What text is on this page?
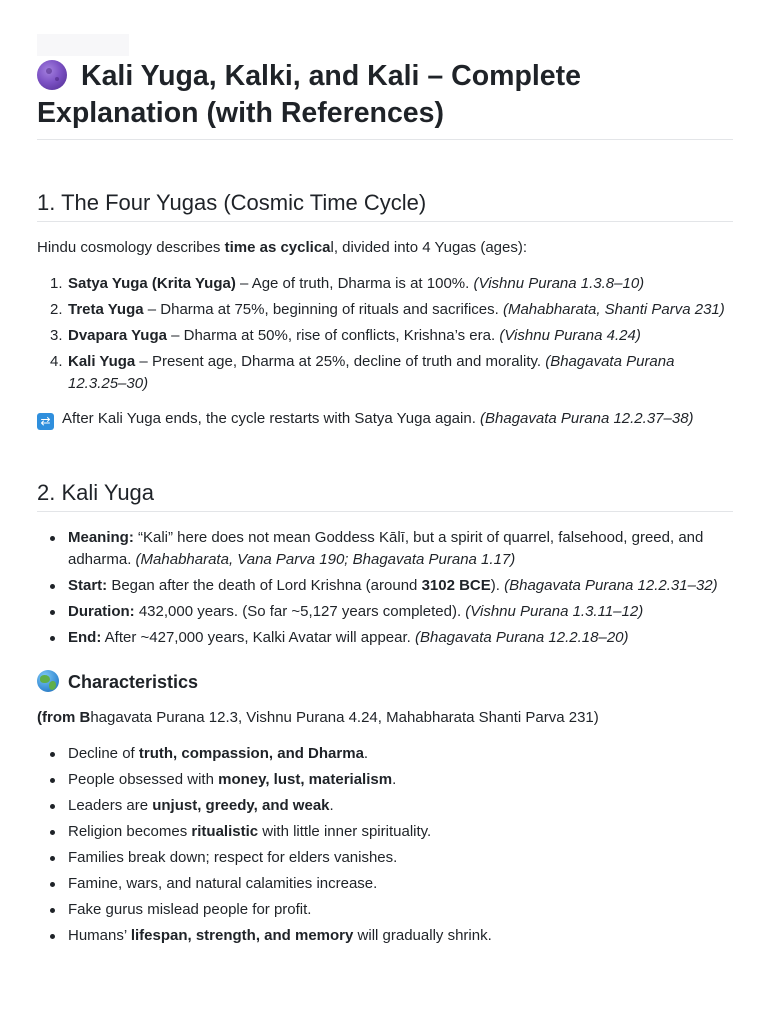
Kali Yuga, Kalki, and Kali – Complete Explanation (with References)
1. The Four Yugas (Cosmic Time Cycle)

Hindu cosmology describes time as cyclical, divided into 4 Yugas (ages):

1. Satya Yuga (Krita Yuga) – Age of truth, Dharma is at 100%. (Vishnu Purana 1.3.8–10)
2. Treta Yuga – Dharma at 75%, beginning of rituals and sacrifices. (Mahabharata, Shanti Parva 231)
3. Dvapara Yuga – Dharma at 50%, rise of conflicts, Krishna’s era. (Vishnu Purana 4.24)
4. Kali Yuga – Present age, Dharma at 25%, decline of truth and morality. (Bhagavata Purana 12.3.25–30)

⇄ After Kali Yuga ends, the cycle restarts with Satya Yuga again. (Bhagavata Purana 12.2.37–38)

2. Kali Yuga
Meaning: “Kali” here does not mean Goddess Kālī, but a spirit of quarrel, falsehood, greed, and adharma. (Mahabharata, Vana Parva 190; Bhagavata Purana 1.17)
Start: Began after the death of Lord Krishna (around 3102 BCE). (Bhagavata Purana 12.2.31–32)
Duration: 432,000 years. (So far ~5,127 years completed). (Vishnu Purana 1.3.11–12)
End: After ~427,000 years, Kalki Avatar will appear. (Bhagavata Purana 12.2.18–20)
Characteristics

(from Bhagavata Purana 12.3, Vishnu Purana 4.24, Mahabharata Shanti Parva 231)

Decline of truth, compassion, and Dharma.
People obsessed with money, lust, materialism.
Leaders are unjust, greedy, and weak.
Religion becomes ritualistic with little inner spirituality.
Families break down; respect for elders vanishes.
Famine, wars, and natural calamities increase.
Fake gurus mislead people for profit.
Humans’ lifespan, strength, and memory will gradually shrink.
